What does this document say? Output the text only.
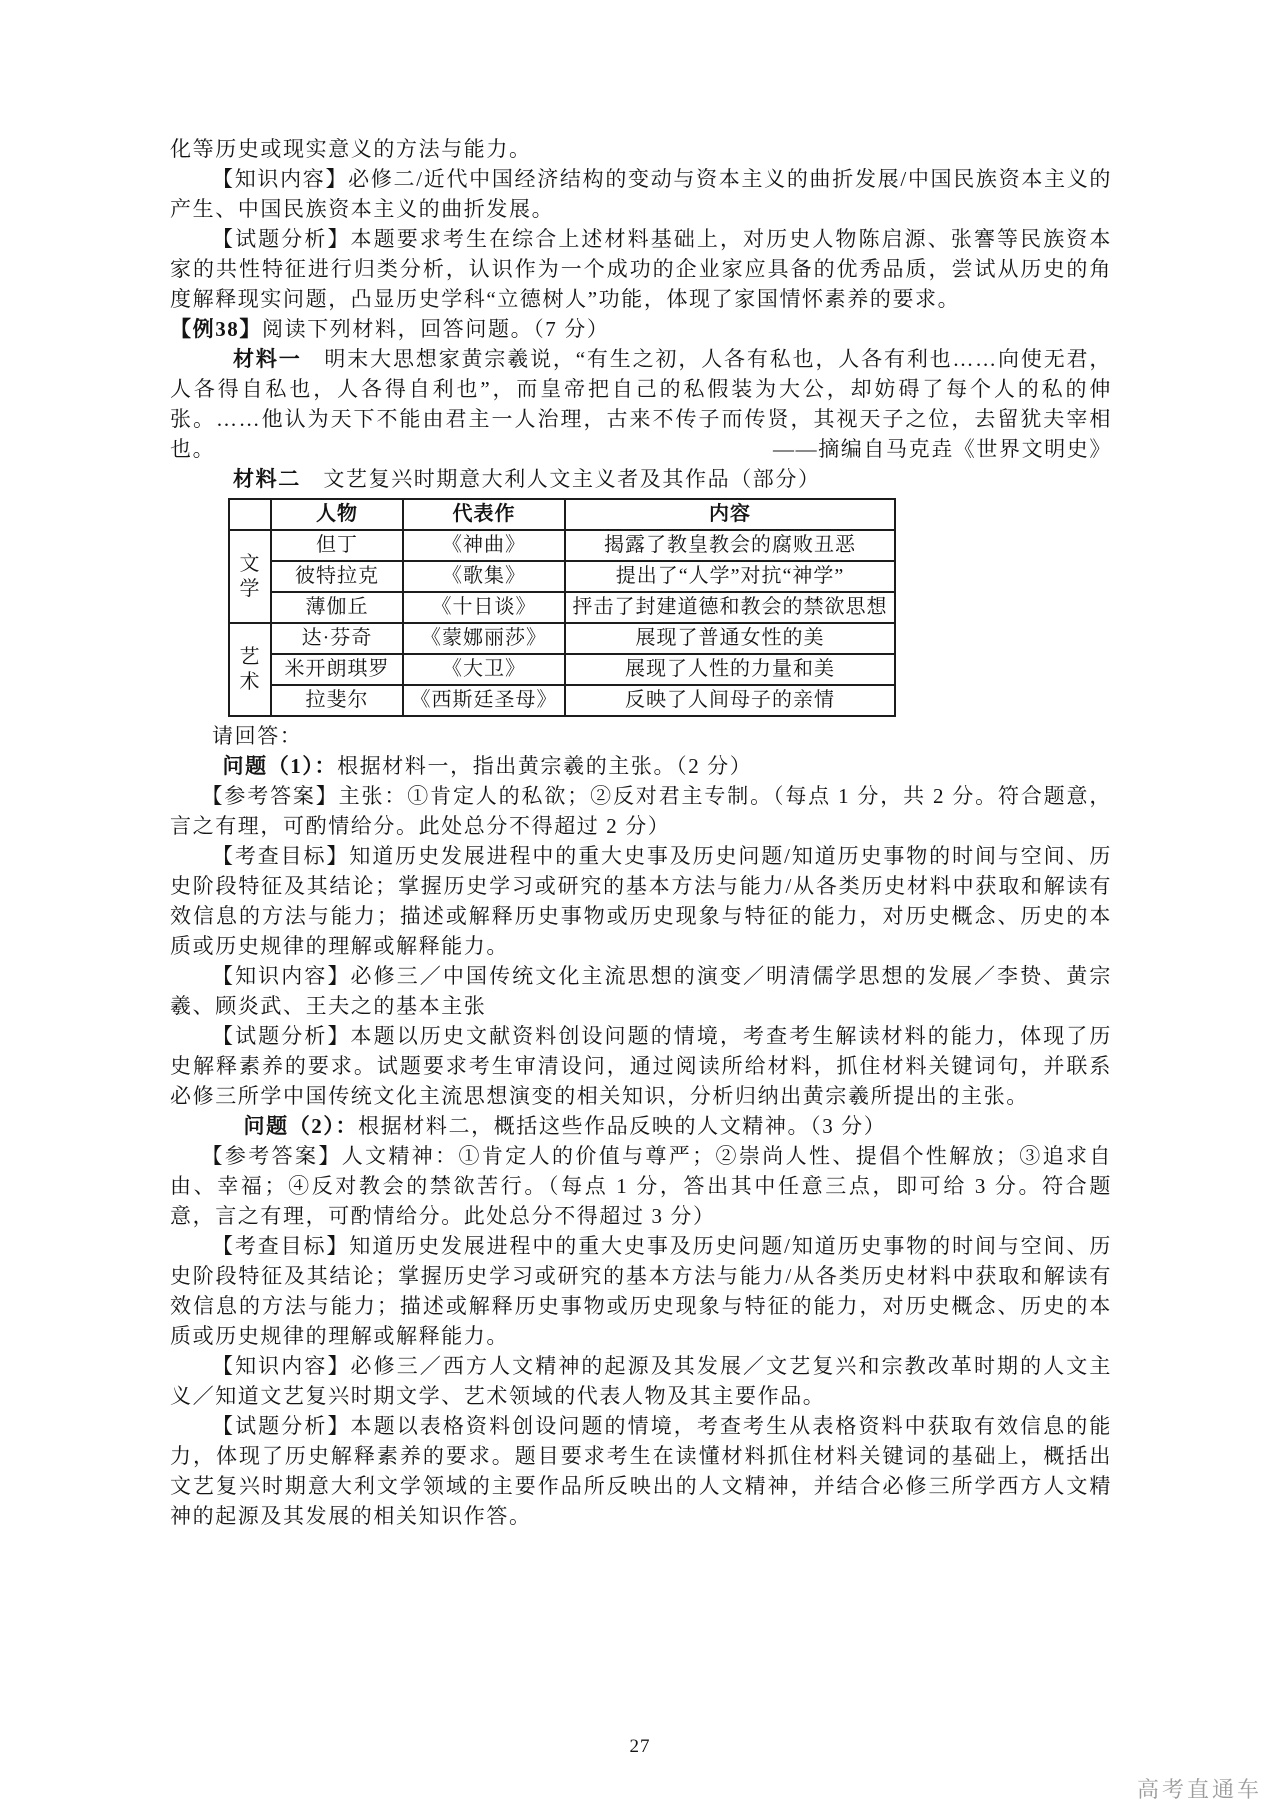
化等历史或现实意义的方法与能力。

【知识内容】必修二/近代中国经济结构的变动与资本主义的曲折发展/中国民族资本主义的产生、中国民族资本主义的曲折发展。

【试题分析】本题要求考生在综合上述材料基础上，对历史人物陈启源、张謇等民族资本家的共性特征进行归类分析，认识作为一个成功的企业家应具备的优秀品质，尝试从历史的角度解释现实问题，凸显历史学科“立德树人”功能，体现了家国情怀素养的要求。

【例38】阅读下列材料，回答问题。（7 分）

材料一　明末大思想家黄宗羲说，“有生之初，人各有私也，人各有利也……向使无君，人各得自私也，人各得自利也”，而皇帝把自己的私假装为大公，却妨碍了每个人的私的伸张。……他认为天下不能由君主一人治理，古来不传子而传贤，其视天子之位，去留犹夫宰相也。	——摘编自马克垚《世界文明史》

材料二　文艺复兴时期意大利人文主义者及其作品（部分）

	人物	代表作	内容
文学	但丁	《神曲》	揭露了教皇教会的腐败丑恶
	彼特拉克	《歌集》	提出了“人学”对抗“神学”
	薄伽丘	《十日谈》	抨击了封建道德和教会的禁欲思想
艺术	达·芬奇	《蒙娜丽莎》	展现了普通女性的美
	米开朗琪罗	《大卫》	展现了人性的力量和美
	拉斐尔	《西斯廷圣母》	反映了人间母子的亲情

请回答：

问题（1）：根据材料一，指出黄宗羲的主张。（2 分）

【参考答案】主张：①肯定人的私欲；②反对君主专制。（每点 1 分，共 2 分。符合题意，言之有理，可酌情给分。此处总分不得超过 2 分）

【考查目标】知道历史发展进程中的重大史事及历史问题/知道历史事物的时间与空间、历史阶段特征及其结论；掌握历史学习或研究的基本方法与能力/从各类历史材料中获取和解读有效信息的方法与能力；描述或解释历史事物或历史现象与特征的能力，对历史概念、历史的本质或历史规律的理解或解释能力。

【知识内容】必修三／中国传统文化主流思想的演变／明清儒学思想的发展／李贽、黄宗羲、顾炎武、王夫之的基本主张

【试题分析】本题以历史文献资料创设问题的情境，考查考生解读材料的能力，体现了历史解释素养的要求。试题要求考生审清设问，通过阅读所给材料，抓住材料关键词句，并联系必修三所学中国传统文化主流思想演变的相关知识，分析归纳出黄宗羲所提出的主张。

问题（2）：根据材料二，概括这些作品反映的人文精神。（3 分）

【参考答案】人文精神：①肯定人的价值与尊严；②崇尚人性、提倡个性解放；③追求自由、幸福；④反对教会的禁欲苦行。（每点 1 分，答出其中任意三点，即可给 3 分。符合题意，言之有理，可酌情给分。此处总分不得超过 3 分）

【考查目标】知道历史发展进程中的重大史事及历史问题/知道历史事物的时间与空间、历史阶段特征及其结论；掌握历史学习或研究的基本方法与能力/从各类历史材料中获取和解读有效信息的方法与能力；描述或解释历史事物或历史现象与特征的能力，对历史概念、历史的本质或历史规律的理解或解释能力。

【知识内容】必修三／西方人文精神的起源及其发展／文艺复兴和宗教改革时期的人文主义／知道文艺复兴时期文学、艺术领域的代表人物及其主要作品。

【试题分析】本题以表格资料创设问题的情境，考查考生从表格资料中获取有效信息的能力，体现了历史解释素养的要求。题目要求考生在读懂材料抓住材料关键词的基础上，概括出文艺复兴时期意大利文学领域的主要作品所反映出的人文精神，并结合必修三所学西方人文精神的起源及其发展的相关知识作答。

27
高考直通车
